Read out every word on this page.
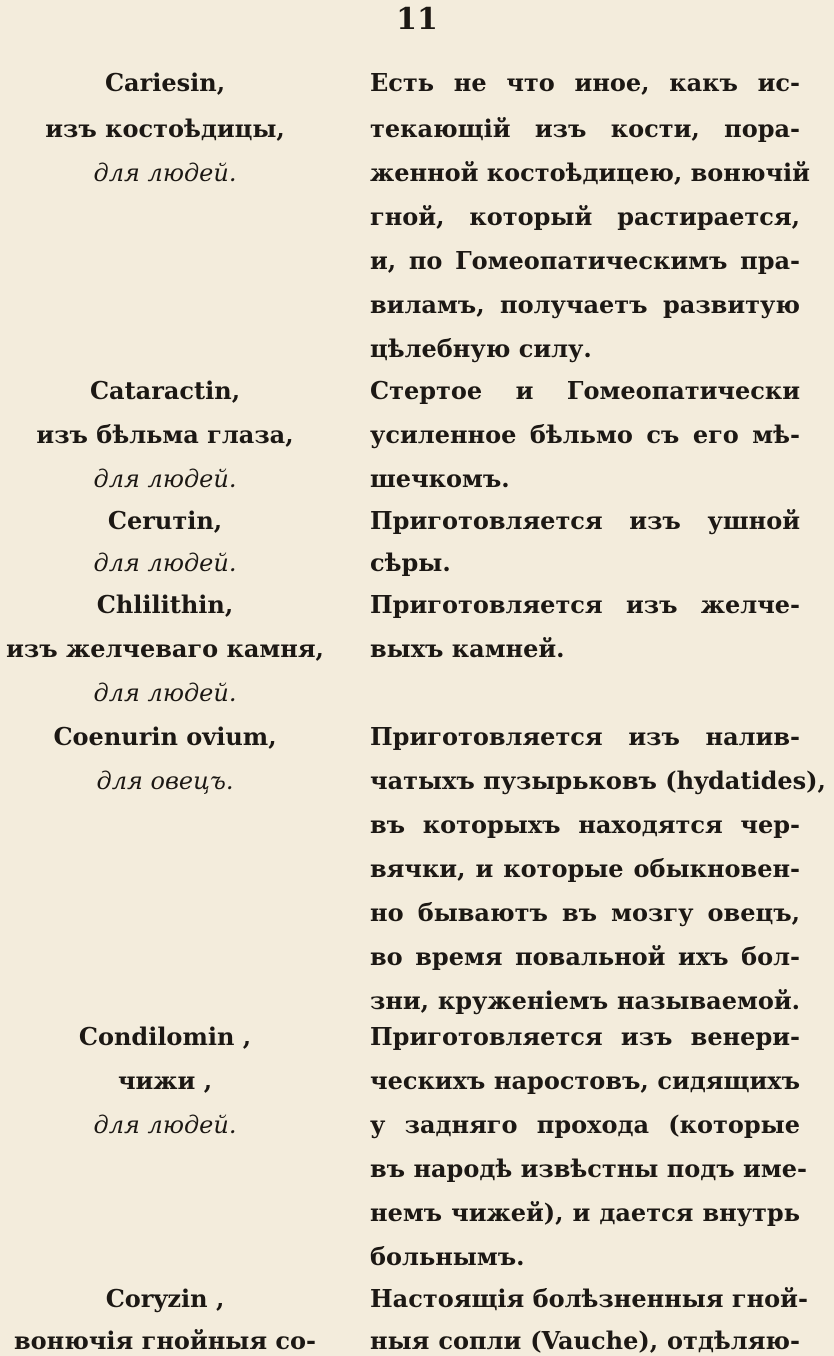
11
Cariesin,
изъ костоѣдицы,
для людей.
Cataractin,
изъ бѣльма глаза,
для людей.
Ceruтin,
для людей.
Chlilithin,
изъ желчеваго камня,
для людей.
Coenurin ovium,
для овецъ.
Condilomin ,
чижи ,
для людей.
Coryzin ,
вонючія гнойныя со-
Есть не что иное, какъ ис-
текающій изъ кости, пора-
женной костоѣдицею, вонючій
гной, который растирается,
и, по Гомеопатическимъ пра-
виламъ, получаетъ развитую
цѣлебную силу.
Стертое и Гомеопатически
усиленное бѣльмо съ его мѣ-
шечкомъ.
Приготовляется изъ ушной
сѣры.
Приготовляется изъ желче-
выхъ камней.
Приготовляется изъ налив-
чатыхъ пузырьковъ (hydatides),
въ которыхъ находятся чер-
вячки, и которые обыкновен-
но бываютъ въ мозгу овецъ,
во время повальной ихъ бол-
зни, круженіемъ называемой.
Приготовляется изъ венери-
ческихъ наростовъ, сидящихъ
у задняго прохода (которые
въ народѣ извѣстны подъ име-
немъ чижей), и дается внутрь
больнымъ.
Настоящія болѣзненныя гной-
ныя сопли (Vauche), отдѣляю-
